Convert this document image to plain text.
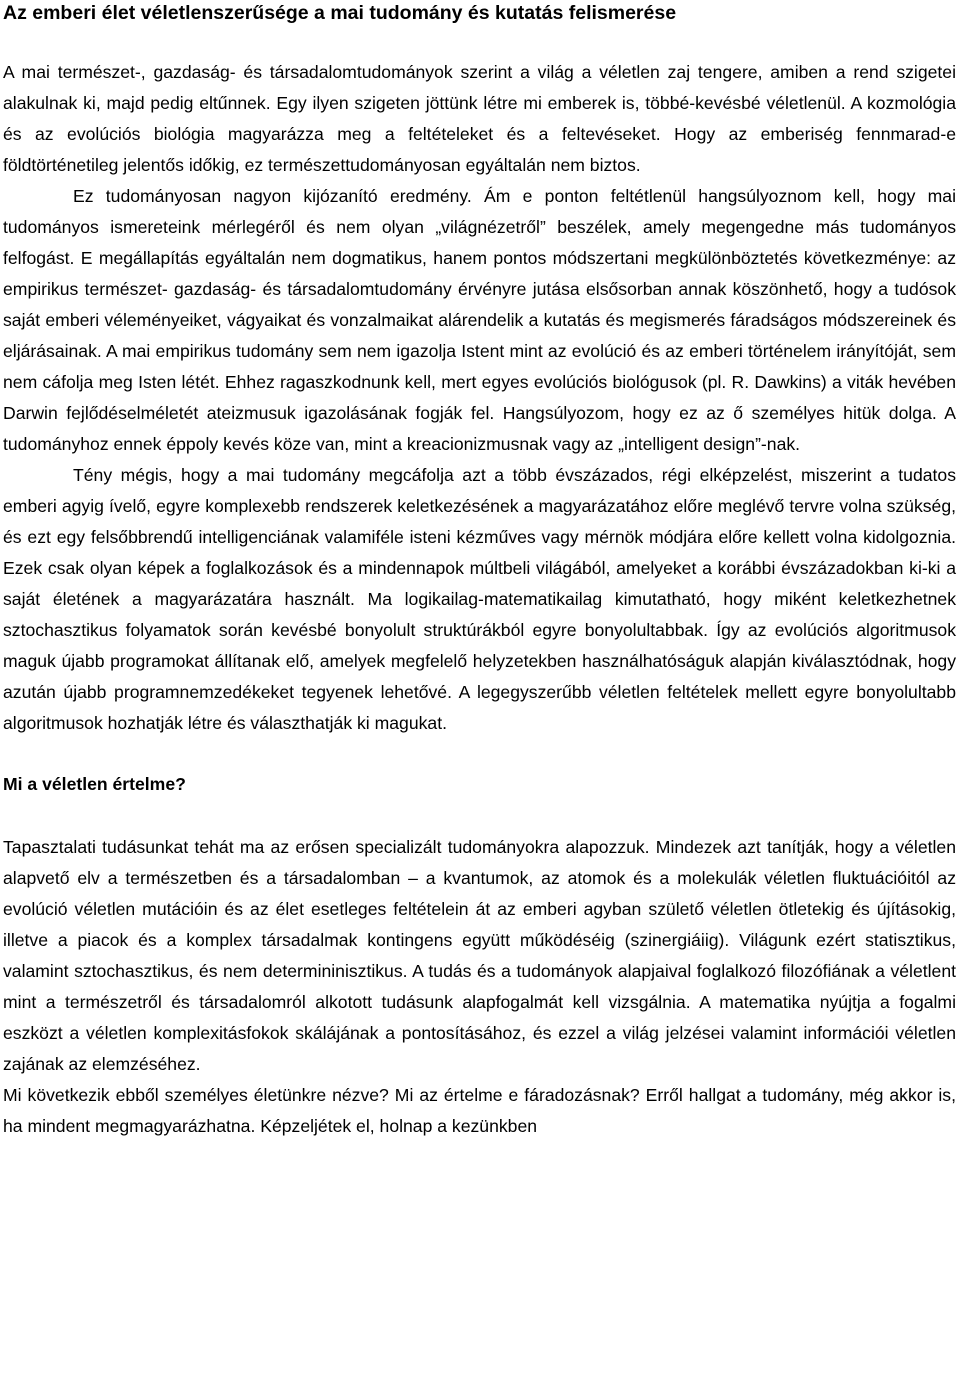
Az emberi élet véletlenszerűsége a mai tudomány és kutatás felismerése

A mai természet-, gazdaság- és társadalomtudományok szerint a világ a véletlen zaj tengere, amiben a rend szigetei alakulnak ki, majd pedig eltűnnek. Egy ilyen szigeten jöttünk létre mi emberek is, többé-kevésbé véletlenül. A kozmológia és az evolúciós biológia magyarázza meg a feltételeket és a feltevéseket. Hogy az emberiség fennmarad-e földtörténetileg jelentős időkig, ez természettudományosan egyáltalán nem biztos.

Ez tudományosan nagyon kijózanító eredmény. Ám e ponton feltétlenül hangsúlyoznom kell, hogy mai tudományos ismereteink mérlegéről és nem olyan „világnézetről” beszélek, amely megengedne más tudományos felfogást. E megállapítás egyáltalán nem dogmatikus, hanem pontos módszertani megkülönböztetés következménye: az empirikus természet- gazdaság- és társadalomtudomány érvényre jutása elsősorban annak köszönhető, hogy a tudósok saját emberi véleményeiket, vágyaikat és vonzalmaikat alárendelik a kutatás és megismerés fáradságos módszereinek és eljárásainak. A mai empirikus tudomány sem nem igazolja Istent mint az evolúció és az emberi történelem irányítóját, sem nem cáfolja meg Isten létét. Ehhez ragaszkodnunk kell, mert egyes evolúciós biológusok (pl. R. Dawkins) a viták hevében Darwin fejlődéselméletét ateizmusuk igazolásának fogják fel. Hangsúlyozom, hogy ez az ő személyes hitük dolga. A tudományhoz ennek éppoly kevés köze van, mint a kreacionizmusnak vagy az „intelligent design”-nak.

Tény mégis, hogy a mai tudomány megcáfolja azt a több évszázados, régi elképzelést, miszerint a tudatos emberi agyig ívelő, egyre komplexebb rendszerek keletkezésének a magyarázatához előre meglévő tervre volna szükség, és ezt egy felsőbbrendű intelligenciának valamiféle isteni kézműves vagy mérnök módjára előre kellett volna kidolgoznia. Ezek csak olyan képek a foglalkozások és a mindennapok múltbeli világából, amelyeket a korábbi évszázadokban ki-ki a saját életének a magyarázatára használt. Ma logikailag-matematikailag kimutatható, hogy miként keletkezhetnek sztochasztikus folyamatok során kevésbé bonyolult struktúrákból egyre bonyolultabbak. Így az evolúciós algoritmusok maguk újabb programokat állítanak elő, amelyek megfelelő helyzetekben használhatóságuk alapján kiválasztódnak, hogy azután újabb programnemzedékeket tegyenek lehetővé. A legegyszerűbb véletlen feltételek mellett egyre bonyolultabb algoritmusok hozhatják létre és választhatják ki magukat.

Mi a véletlen értelme?

Tapasztalati tudásunkat tehát ma az erősen specializált tudományokra alapozzuk. Mindezek azt tanítják, hogy a véletlen alapvető elv a természetben és a társadalomban – a kvantumok, az atomok és a molekulák véletlen fluktuációitól az evolúció véletlen mutációin és az élet esetleges feltételein át az emberi agyban születő véletlen ötletekig és újításokig, illetve a piacok és a komplex társadalmak kontingens együtt működéséig (szinergiáiig). Világunk ezért statisztikus, valamint sztochasztikus, és nem determininisztikus. A tudás és a tudományok alapjaival foglalkozó filozófiának a véletlent mint a természetről és társadalomról alkotott tudásunk alapfogalmát kell vizsgálnia. A matematika nyújtja a fogalmi eszközt a véletlen komplexitásfokok skálájának a pontosításához, és ezzel a világ jelzései valamint információi véletlen zajának az elemzéséhez.

Mi következik ebből személyes életünkre nézve? Mi az értelme e fáradozásnak? Erről hallgat a tudomány, még akkor is, ha mindent megmagyarázhatna. Képzeljétek el, holnap a kezünkben
